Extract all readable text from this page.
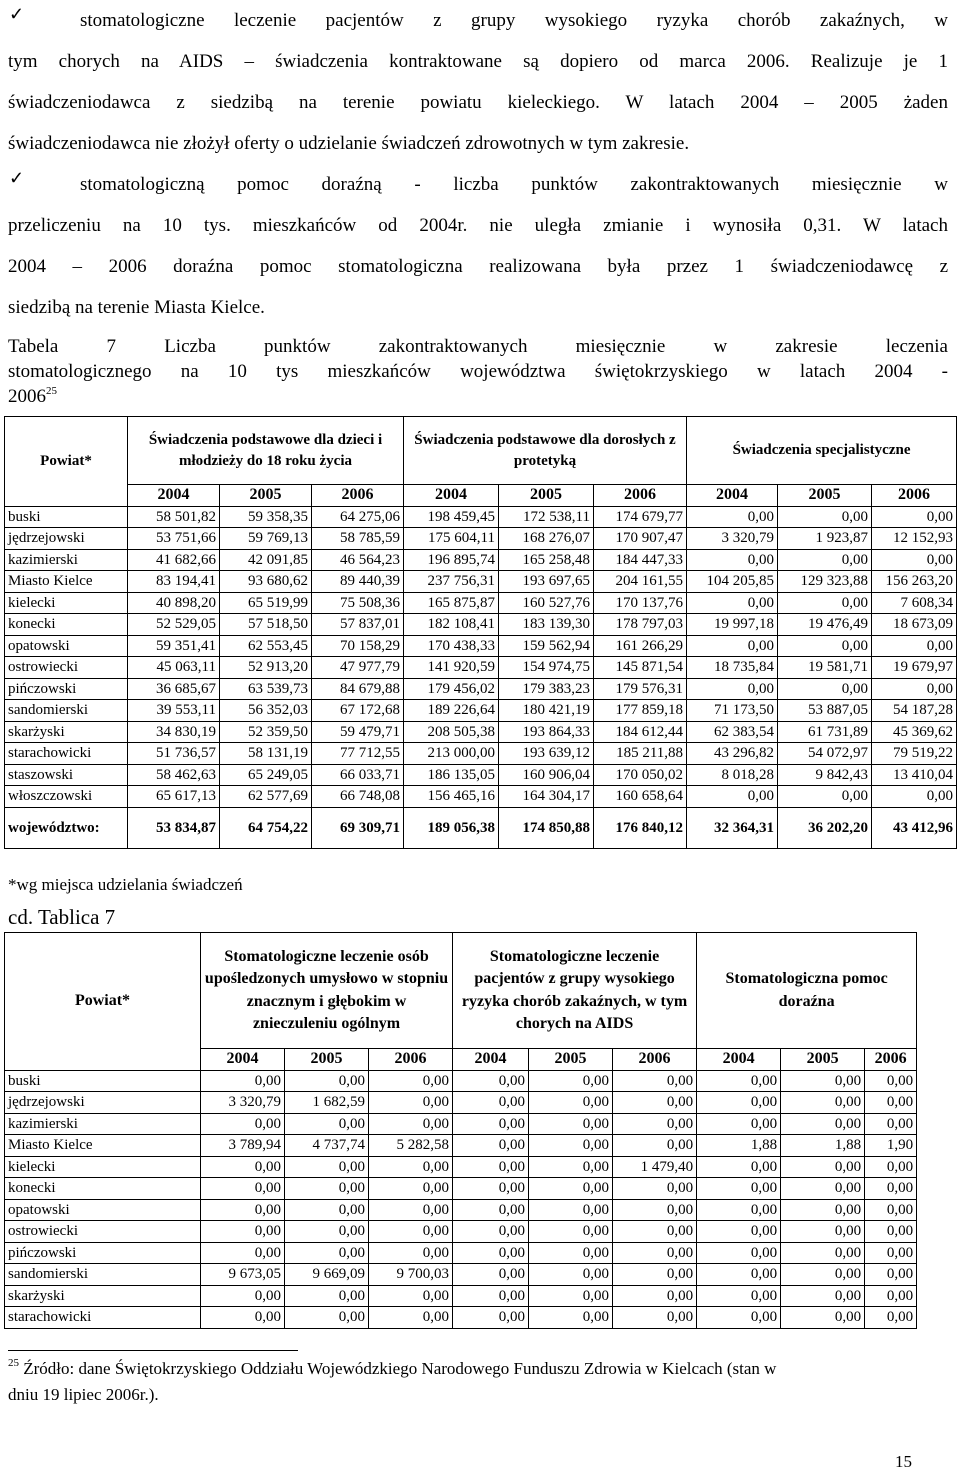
✓	stomatologiczne leczenie pacjentów z grupy wysokiego ryzyka chorób zakaźnych, w
tym chorych na AIDS – świadczenia kontraktowane są dopiero od marca 2006. Realizuje je 1
świadczeniodawca z siedzibą na terenie powiatu kieleckiego. W latach 2004 – 2005 żaden
świadczeniodawca nie złożył oferty o udzielanie świadczeń zdrowotnych w tym zakresie.
✓	stomatologiczną pomoc doraźną - liczba punktów zakontraktowanych miesięcznie w
przeliczeniu na 10 tys. mieszkańców od 2004r. nie uległa zmianie i wynosiła 0,31. W latach
2004 – 2006 doraźna pomoc stomatologiczna realizowana była przez 1 świadczeniodawcę z
siedzibą na terenie Miasta Kielce.
Tabela 7 Liczba punktów zakontraktowanych miesięcznie w zakresie leczenia
stomatologicznego na 10 tys mieszkańców województwa świętokrzyskiego w latach 2004 -
2006$^{25}$
Powiat*	Świadczenia podstawowe dla dzieci i młodzieży do 18 roku życia			Świadczenia podstawowe dla dorosłych z protetyką			Świadczenia specjalistyczne		
	2004	2005	2006	2004	2005	2006	2004	2005	2006
buski	58 501,82	59 358,35	64 275,06	198 459,45	172 538,11	174 679,77	0,00	0,00	0,00
jędrzejowski	53 751,66	59 769,13	58 785,59	175 604,11	168 276,07	170 907,47	3 320,79	1 923,87	12 152,93
kazimierski	41 682,66	42 091,85	46 564,23	196 895,74	165 258,48	184 447,33	0,00	0,00	0,00
Miasto Kielce	83 194,41	93 680,62	89 440,39	237 756,31	193 697,65	204 161,55	104 205,85	129 323,88	156 263,20
kielecki	40 898,20	65 519,99	75 508,36	165 875,87	160 527,76	170 137,76	0,00	0,00	7 608,34
konecki	52 529,05	57 518,50	57 837,01	182 108,41	183 139,30	178 797,03	19 997,18	19 476,49	18 673,09
opatowski	59 351,41	62 553,45	70 158,29	170 438,33	159 562,94	161 266,29	0,00	0,00	0,00
ostrowiecki	45 063,11	52 913,20	47 977,79	141 920,59	154 974,75	145 871,54	18 735,84	19 581,71	19 679,97
pińczowski	36 685,67	63 539,73	84 679,88	179 456,02	179 383,23	179 576,31	0,00	0,00	0,00
sandomierski	39 553,11	56 352,03	67 172,68	189 226,64	180 421,19	177 859,18	71 173,50	53 887,05	54 187,28
skarżyski	34 830,19	52 359,50	59 479,71	208 505,38	193 864,33	184 612,44	62 383,54	61 731,89	45 369,62
starachowicki	51 736,57	58 131,19	77 712,55	213 000,00	193 639,12	185 211,88	43 296,82	54 072,97	79 519,22
staszowski	58 462,63	65 249,05	66 033,71	186 135,05	160 906,04	170 050,02	8 018,28	9 842,43	13 410,04
włoszczowski	65 617,13	62 577,69	66 748,08	156 465,16	164 304,17	160 658,64	0,00	0,00	0,00
województwo:	53 834,87	64 754,22	69 309,71	189 056,38	174 850,88	176 840,12	32 364,31	36 202,20	43 412,96
*wg miejsca udzielania świadczeń
cd. Tablica 7
Powiat*	Stomatologiczne leczenie osób upośledzonych umysłowo w stopniu znacznym i głębokim w znieczuleniu ogólnym			Stomatologiczne leczenie pacjentów z grupy wysokiego ryzyka chorób zakaźnych, w tym chorych na AIDS			Stomatologiczna pomoc doraźna		
	2004	2005	2006	2004	2005	2006	2004	2005	2006
buski	0,00	0,00	0,00	0,00	0,00	0,00	0,00	0,00	0,00
jędrzejowski	3 320,79	1 682,59	0,00	0,00	0,00	0,00	0,00	0,00	0,00
kazimierski	0,00	0,00	0,00	0,00	0,00	0,00	0,00	0,00	0,00
Miasto Kielce	3 789,94	4 737,74	5 282,58	0,00	0,00	0,00	1,88	1,88	1,90
kielecki	0,00	0,00	0,00	0,00	0,00	1 479,40	0,00	0,00	0,00
konecki	0,00	0,00	0,00	0,00	0,00	0,00	0,00	0,00	0,00
opatowski	0,00	0,00	0,00	0,00	0,00	0,00	0,00	0,00	0,00
ostrowiecki	0,00	0,00	0,00	0,00	0,00	0,00	0,00	0,00	0,00
pińczowski	0,00	0,00	0,00	0,00	0,00	0,00	0,00	0,00	0,00
sandomierski	9 673,05	9 669,09	9 700,03	0,00	0,00	0,00	0,00	0,00	0,00
skarżyski	0,00	0,00	0,00	0,00	0,00	0,00	0,00	0,00	0,00
starachowicki	0,00	0,00	0,00	0,00	0,00	0,00	0,00	0,00	0,00
$^{25}$ Źródło: dane Świętokrzyskiego Oddziału Wojewódzkiego Narodowego Funduszu Zdrowia w Kielcach (stan w
dniu 19 lipiec 2006r.).
15
